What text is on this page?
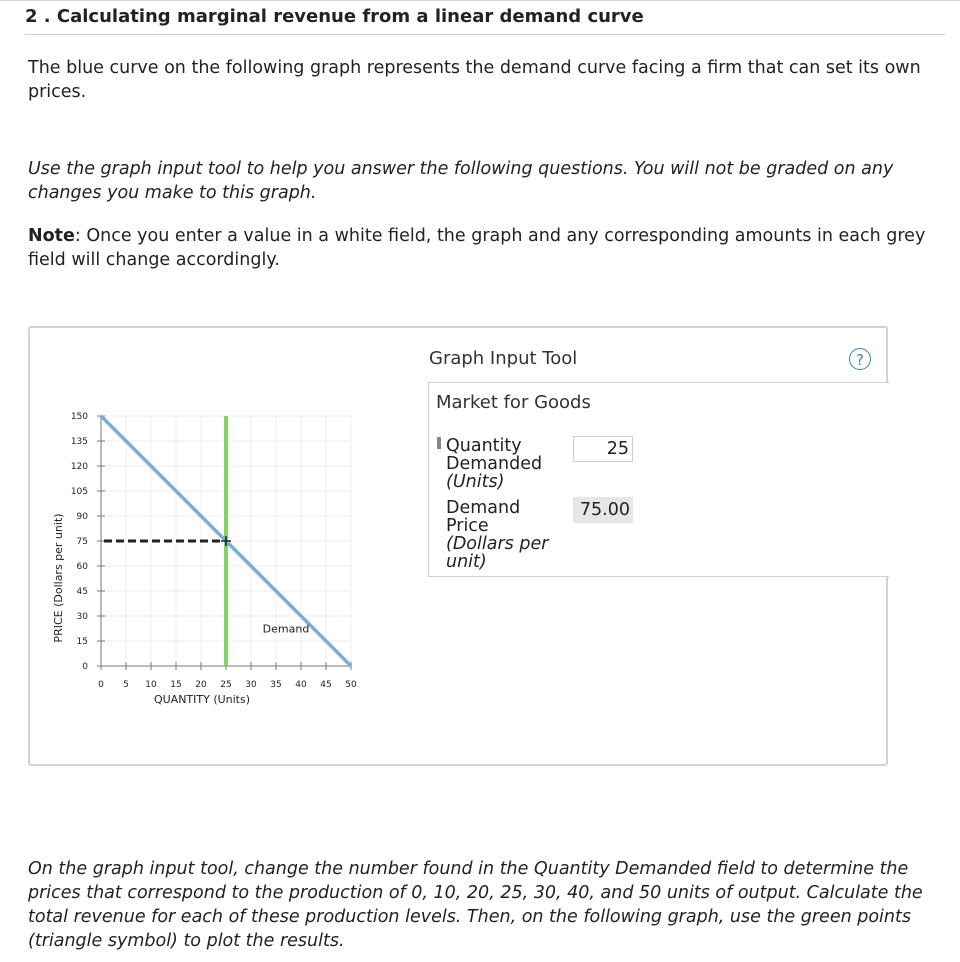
2 . Calculating marginal revenue from a linear demand curve
The blue curve on the following graph represents the demand curve facing a firm that can set its own prices.
Use the graph input tool to help you answer the following questions. You will not be graded on any changes you make to this graph.
Note: Once you enter a value in a white field, the graph and any corresponding amounts in each grey field will change accordingly.
0
15
30
45
60
75
90
105
120
135
150
0 5 10 15 20 25 30 35 40 45 50
Demand
QUANTITY (Units)
PRICE (Dollars per unit)
Graph Input Tool	?
Market for Goods
Quantity Demanded
(Units)
25
Demand Price
(Dollars per unit)
75.00
On the graph input tool, change the number found in the Quantity Demanded field to determine the prices that correspond to the production of 0, 10, 20, 25, 30, 40, and 50 units of output. Calculate the total revenue for each of these production levels. Then, on the following graph, use the green points (triangle symbol) to plot the results.
